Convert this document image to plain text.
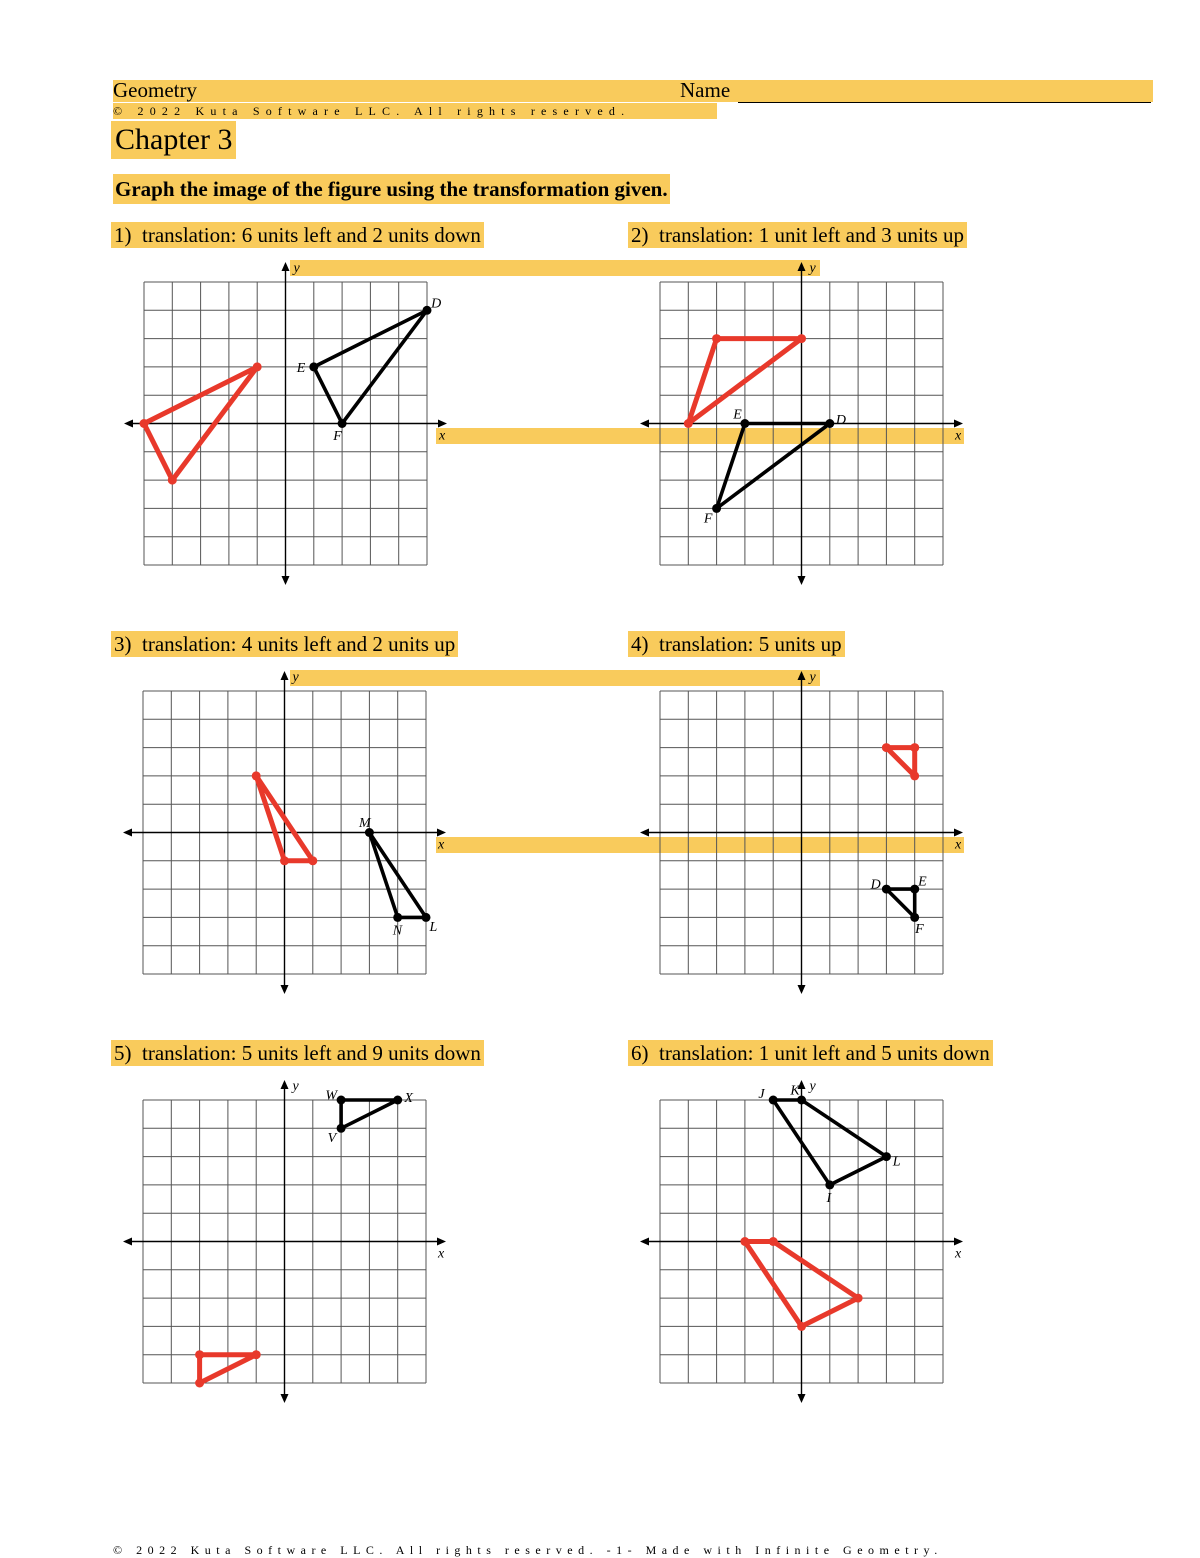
Geometry	Name
© 2022 Kuta Software LLC. All rights reserved.
Chapter 3
Graph the image of the figure using the transformation given.
1) translation: 6 units left and 2 units down	2) translation: 1 unit left and 3 units up
3) translation: 4 units left and 2 units up	4) translation: 5 units up
5) translation: 5 units left and 9 units down	6) translation: 1 unit left and 5 units down
x
y
D
E
F	x
y
D
E
F
x
y
M
N L
x
y
D	E
F
x
y
W	X
V
x
y
J K
L
I
© 2022 Kuta Software LLC. All rights reserved. -1- Made with Infinite Geometry.
